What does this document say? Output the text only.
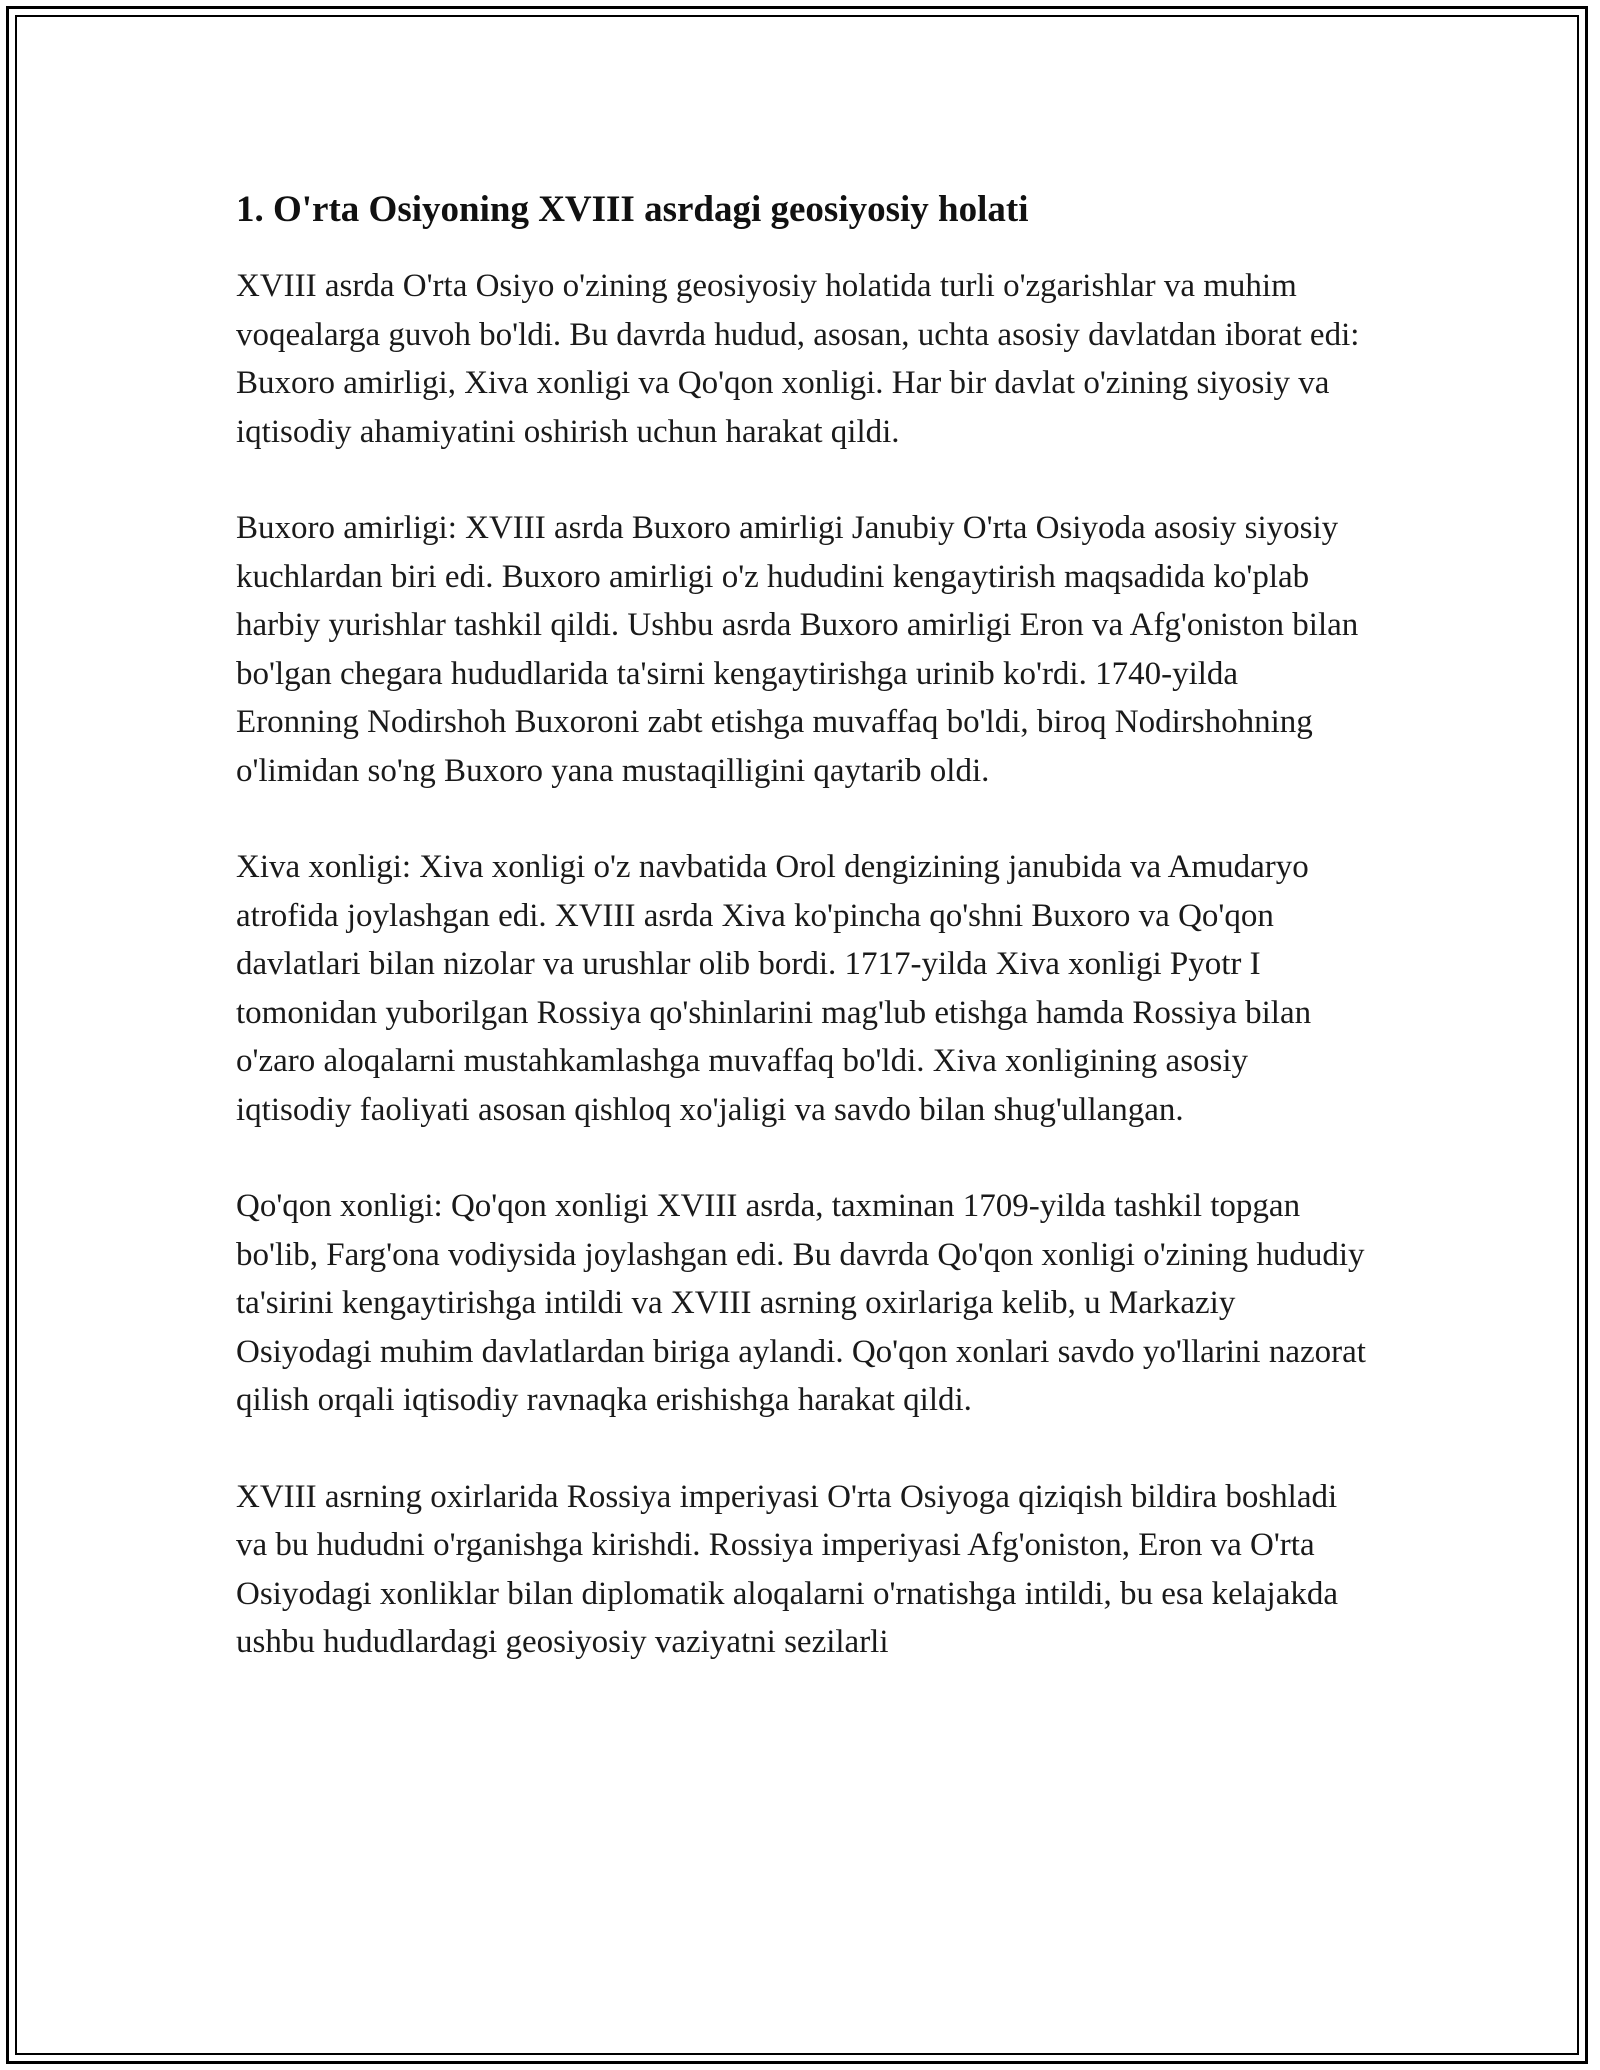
1. O'rta Osiyoning XVIII asrdagi geosiyosiy holati

XVIII asrda O'rta Osiyo o'zining geosiyosiy holatida turli o'zgarishlar va muhim voqealarga guvoh bo'ldi. Bu davrda hudud, asosan, uchta asosiy davlatdan iborat edi: Buxoro amirligi, Xiva xonligi va Qo'qon xonligi. Har bir davlat o'zining siyosiy va iqtisodiy ahamiyatini oshirish uchun harakat qildi.

Buxoro amirligi: XVIII asrda Buxoro amirligi Janubiy O'rta Osiyoda asosiy siyosiy kuchlardan biri edi. Buxoro amirligi o'z hududini kengaytirish maqsadida ko'plab harbiy yurishlar tashkil qildi. Ushbu asrda Buxoro amirligi Eron va Afg'oniston bilan bo'lgan chegara hududlarida ta'sirni kengaytirishga urinib ko'rdi. 1740-yilda Eronning Nodirshoh Buxoroni zabt etishga muvaffaq bo'ldi, biroq Nodirshohning o'limidan so'ng Buxoro yana mustaqilligini qaytarib oldi.

Xiva xonligi: Xiva xonligi o'z navbatida Orol dengizining janubida va Amudaryo atrofida joylashgan edi. XVIII asrda Xiva ko'pincha qo'shni Buxoro va Qo'qon davlatlari bilan nizolar va urushlar olib bordi. 1717-yilda Xiva xonligi Pyotr I tomonidan yuborilgan Rossiya qo'shinlarini mag'lub etishga hamda Rossiya bilan o'zaro aloqalarni mustahkamlashga muvaffaq bo'ldi. Xiva xonligining asosiy iqtisodiy faoliyati asosan qishloq xo'jaligi va savdo bilan shug'ullangan.

Qo'qon xonligi: Qo'qon xonligi XVIII asrda, taxminan 1709-yilda tashkil topgan bo'lib, Farg'ona vodiysida joylashgan edi. Bu davrda Qo'qon xonligi o'zining hududiy ta'sirini kengaytirishga intildi va XVIII asrning oxirlariga kelib, u Markaziy Osiyodagi muhim davlatlardan biriga aylandi. Qo'qon xonlari savdo yo'llarini nazorat qilish orqali iqtisodiy ravnaqka erishishga harakat qildi.

XVIII asrning oxirlarida Rossiya imperiyasi O'rta Osiyoga qiziqish bildira boshladi va bu hududni o'rganishga kirishdi. Rossiya imperiyasi Afg'oniston, Eron va O'rta Osiyodagi xonliklar bilan diplomatik aloqalarni o'rnatishga intildi, bu esa kelajakda ushbu hududlardagi geosiyosiy vaziyatni sezilarli
